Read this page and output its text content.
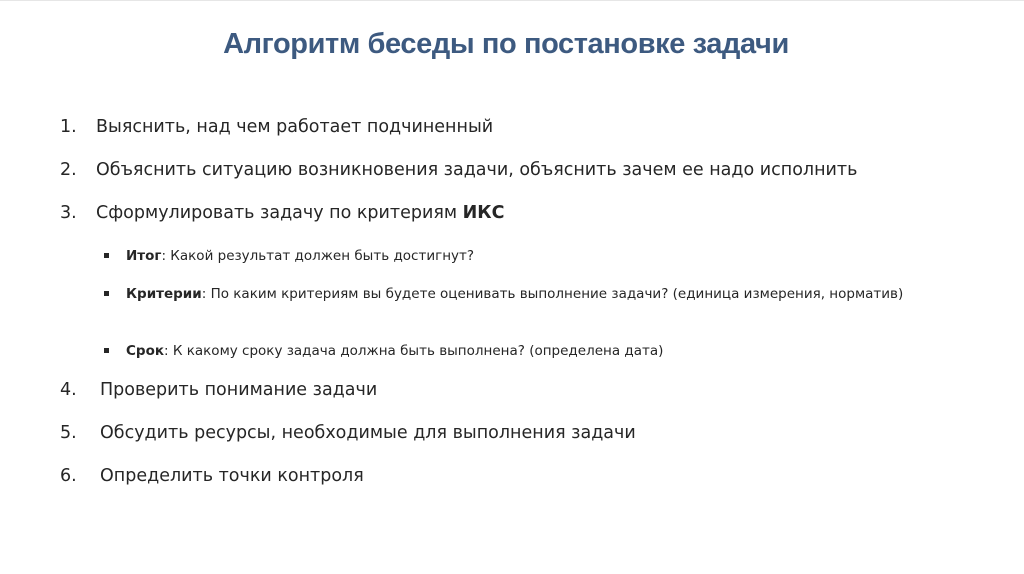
Алгоритм беседы по постановке задачи
1. Выяснить, над чем работает подчиненный
2. Объяснить ситуацию возникновения задачи, объяснить зачем ее надо исполнить
3. Сформулировать задачу по критериям ИКС
Итог: Какой результат должен быть достигнут?
Критерии: По каким критериям вы будете оценивать выполнение задачи? (единица измерения, норматив)
Срок: К какому сроку задача должна быть выполнена? (определена дата)
4. Проверить понимание задачи
5. Обсудить ресурсы, необходимые для выполнения задачи
6. Определить точки контроля
